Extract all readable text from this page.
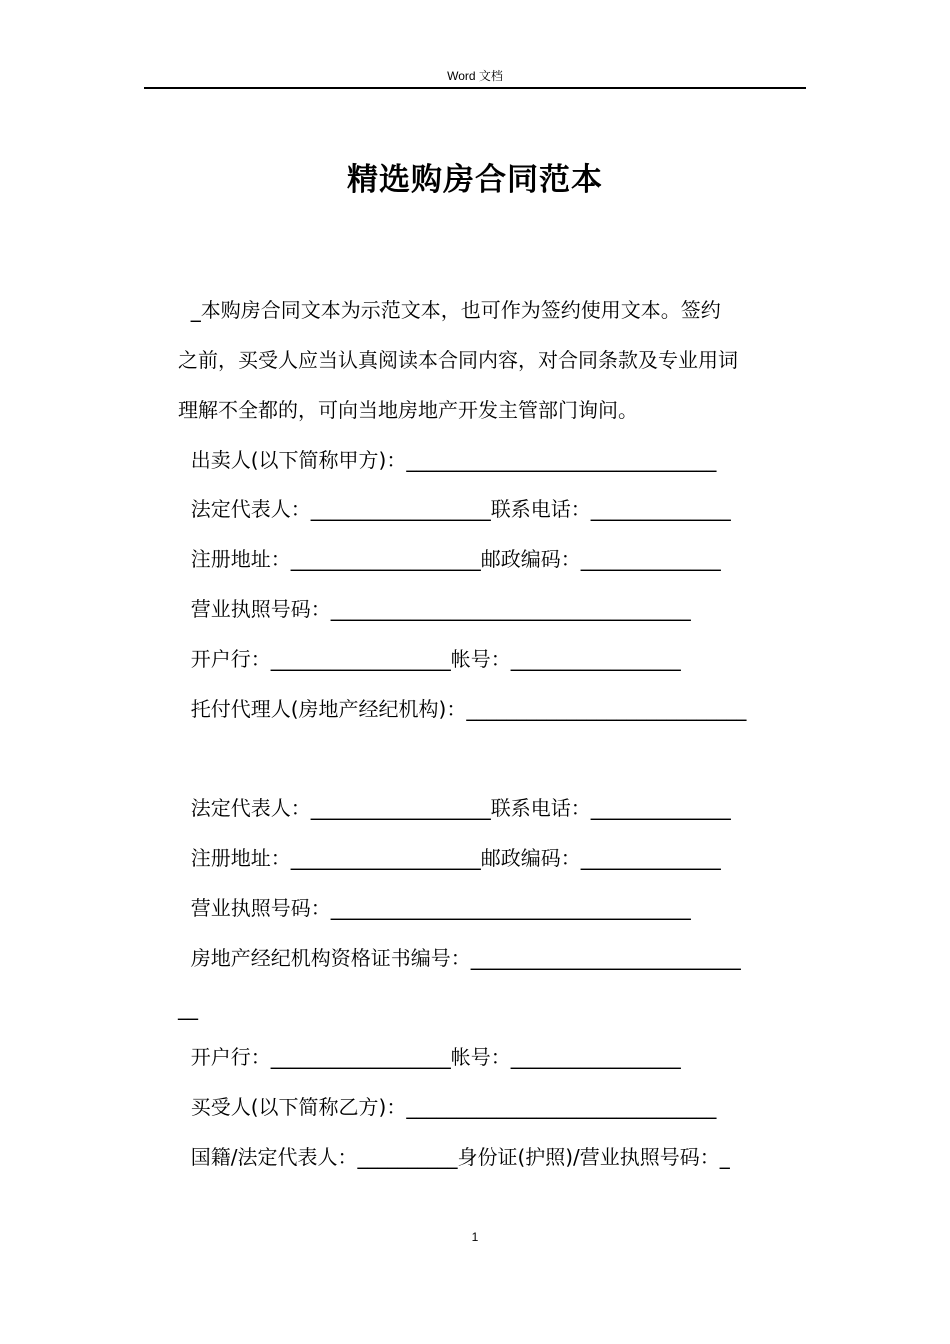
Word 文档
精选购房合同范本
_本购房合同文本为示范文本，也可作为签约使用文本。签约
之前，买受人应当认真阅读本合同内容，对合同条款及专业用词
理解不全都的，可向当地房地产开发主管部门询问。
出卖人(以下简称甲方)：_______________________________
法定代表人：__________________联系电话：______________
注册地址：___________________邮政编码：______________
营业执照号码：____________________________________
开户行：__________________帐号：_________________
托付代理人(房地产经纪机构)：____________________________
法定代表人：__________________联系电话：______________
注册地址：___________________邮政编码：______________
营业执照号码：____________________________________
房地产经纪机构资格证书编号：___________________________
__
开户行：__________________帐号：_________________
买受人(以下简称乙方)：_______________________________
国籍/法定代表人：__________身份证(护照)/营业执照号码：_
1
